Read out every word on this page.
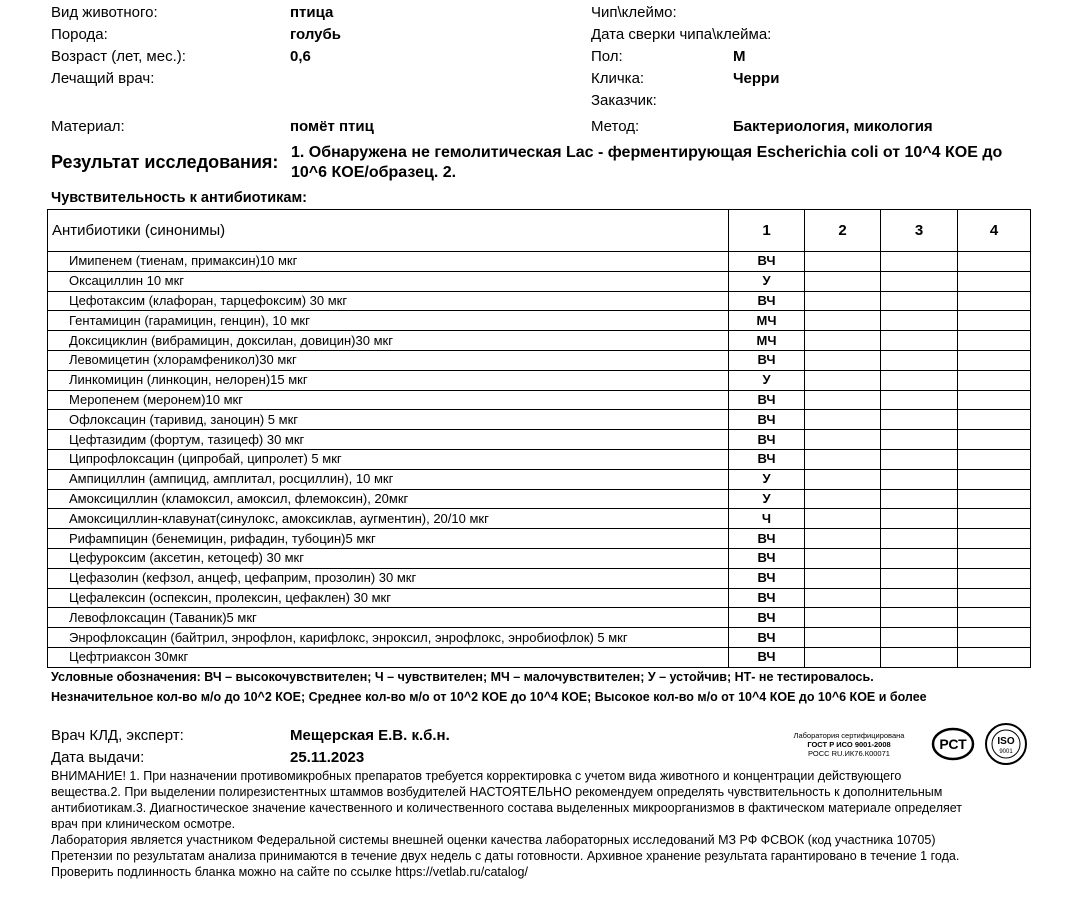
Вид животного:	птица
Порода:	голубь
Возраст (лет, мес.):	0,6
Лечащий врач:
Чип\клеймо:
Дата сверки чипа\клейма:
Пол:	М
Кличка:	Черри
Заказчик:
Материал:	помёт птиц	Метод:	Бактериология, микология
Результат исследования: 1. Обнаружена не гемолитическая Lac - ферментирующая Escherichia coli от 10^4 КОЕ до 10^6 КОЕ/образец. 2.
Чувствительность к антибиотикам:
Антибиотики (синонимы)	1	2	3	4
Имипенем (тиенам, примаксин)10 мкг	ВЧ			
Оксациллин 10 мкг	У			
Цефотаксим (клафоран, тарцефоксим) 30 мкг	ВЧ			
Гентамицин (гарамицин, генцин), 10 мкг	МЧ			
Доксициклин (вибрамицин, доксилан, довицин)30 мкг	МЧ			
Левомицетин (хлорамфеникол)30 мкг	ВЧ			
Линкомицин (линкоцин, нелорен)15 мкг	У			
Меропенем (меронем)10 мкг	ВЧ			
Офлоксацин (таривид, заноцин) 5 мкг	ВЧ			
Цефтазидим (фортум, тазицеф) 30 мкг	ВЧ			
Ципрофлоксацин (ципробай, ципролет) 5 мкг	ВЧ			
Ампициллин (ампицид, амплитал, росциллин), 10 мкг	У			
Амоксициллин (кламоксил, амоксил, флемоксин), 20мкг	У			
Амоксициллин-клавунат(синулокс, амоксиклав, аугментин), 20/10 мкг	Ч			
Рифампицин (бенемицин, рифадин, тубоцин)5 мкг	ВЧ			
Цефуроксим (аксетин, кетоцеф) 30 мкг	ВЧ			
Цефазолин (кефзол, анцеф, цефаприм, прозолин) 30 мкг	ВЧ			
Цефалексин (оспексин, пролексин, цефаклен) 30 мкг	ВЧ			
Левофлоксацин (Таваник)5 мкг	ВЧ			
Энрофлоксацин (байтрил, энрофлон, карифлокс, энроксил, энрофлокс, энробиофлок) 5 мкг	ВЧ			
Цефтриаксон 30мкг	ВЧ			
Условные обозначения: ВЧ – высокочувствителен; Ч – чувствителен; МЧ – малочувствителен; У – устойчив; НТ- не тестировалось.
Незначительное кол-во м/о до 10^2 КОЕ; Среднее кол-во м/о от 10^2 КОЕ до 10^4 КОЕ; Высокое кол-во м/о от 10^4 КОЕ до 10^6 КОЕ и более
Врач КЛД, эксперт:	Мещерская Е.В. к.б.н.
Дата выдачи:	25.11.2023
Лаборатория сертифицирована
ГОСТ Р ИСО 9001-2008
РОСС RU.ИК76.К00071
РСТ	ISO
9001
ВНИМАНИЕ! 1. При назначении противомикробных препаратов требуется корректировка с учетом вида животного и концентрации действующего
вещества.2. При выделении полирезистентных штаммов возбудителей НАСТОЯТЕЛЬНО рекомендуем определять чувствительность к дополнительным
антибиотикам.3. Диагностическое значение качественного и количественного состава выделенных микроорганизмов в фактическом материале определяет
врач при клиническом осмотре.
Лаборатория является участником Федеральной системы внешней оценки качества лабораторных исследований МЗ РФ ФСВОК (код участника 10705)
Претензии по результатам анализа принимаются в течение двух недель с даты готовности. Архивное хранение результата гарантировано в течение 1 года.
Проверить подлинность бланка можно на сайте по ссылке https://vetlab.ru/catalog/
